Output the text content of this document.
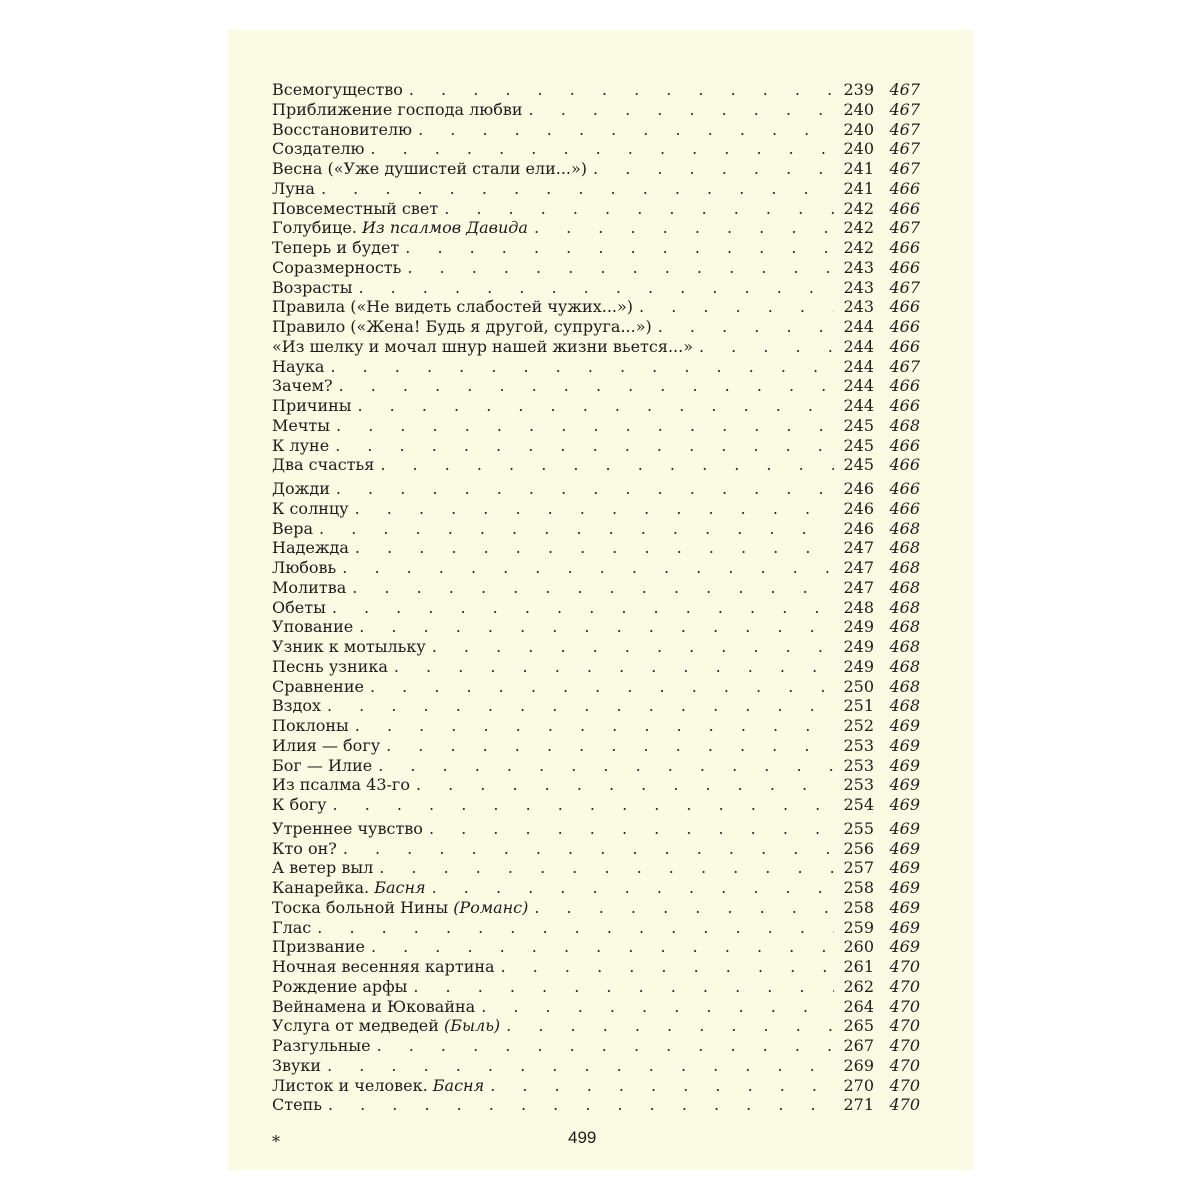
Всемогущество . . .	239 467
Приближение господа любви . . .	240 467
Восстановителю . . .	240 467
Создателю . . .	240 467
Весна («Уже душистей стали ели...») . . .	241 467
Луна . . .	241 466
Повсеместный свет . . .	242 466
Голубице. Из псалмов Давида . . .	242 467
Теперь и будет . . .	242 466
Соразмерность . . .	243 466
Возрасты . . .	243 467
Правила («Не видеть слабостей чужих...») . . .	243 466
Правило («Жена! Будь я другой, супруга...») . . .	244 466
«Из шелку и мочал шнур нашей жизни вьется...» . . .	244 466
Наука . . .	244 467
Зачем? . . .	244 466
Причины . . .	244 466
Мечты . . .	245 468
К луне . . .	245 466
Два счастья . . .	245 466
Дожди . . .	246 466
К солнцу . . .	246 466
Вера . . .	246 468
Надежда . . .	247 468
Любовь . . .	247 468
Молитва . . .	247 468
Обеты . . .	248 468
Упование . . .	249 468
Узник к мотыльку . . .	249 468
Песнь узника . . .	249 468
Сравнение . . .	250 468
Вздох . . .	251 468
Поклоны . . .	252 469
Илия — богу . . .	253 469
Бог — Илие . . .	253 469
Из псалма 43-го . . .	253 469
К богу . . .	254 469
Утреннее чувство . . .	255 469
Кто он? . . .	256 469
А ветер выл . . .	257 469
Канарейка. Басня . . .	258 469
Тоска больной Нины (Романс) . . .	258 469
Глас . . .	259 469
Призвание . . .	260 469
Ночная весенняя картина . . .	261 470
Рождение арфы . . .	262 470
Вейнамена и Юковайна . . .	264 470
Услуга от медведей (Быль) . . .	265 470
Разгульные . . .	267 470
Звуки . . .	269 470
Листок и человек. Басня . . .	270 470
Степь . . .	271 470
*	499
